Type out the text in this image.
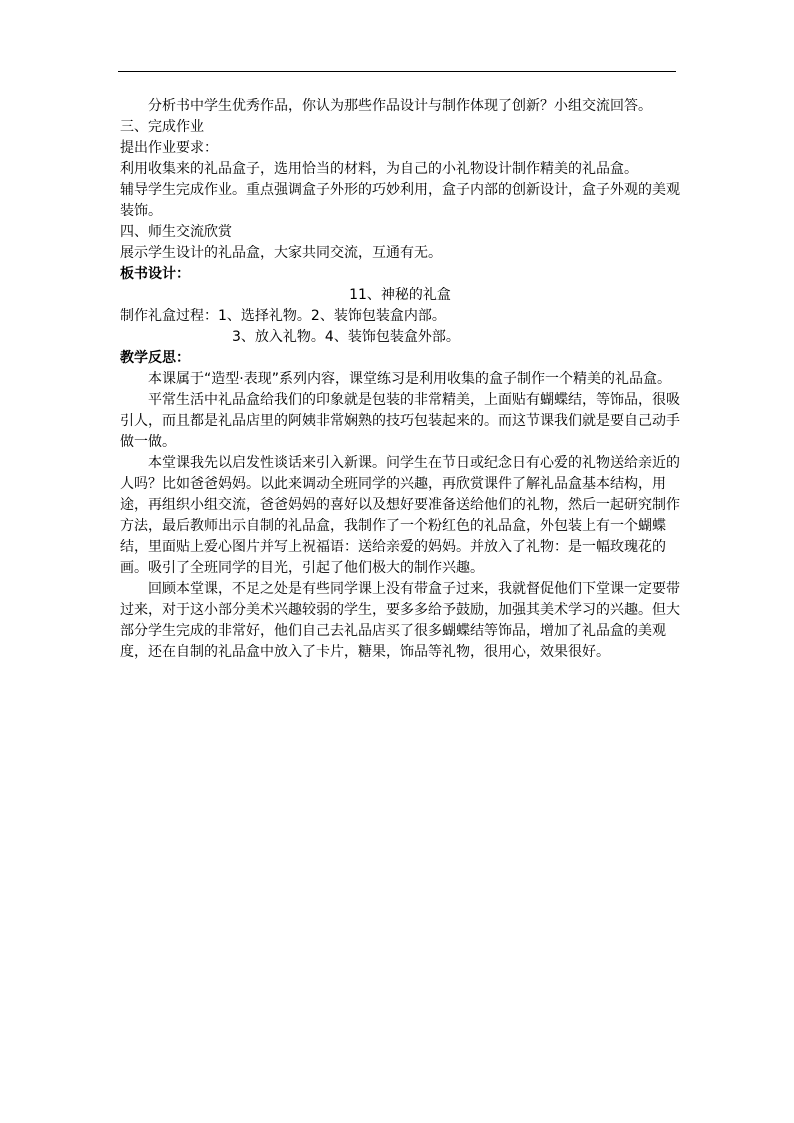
分析书中学生优秀作品，你认为那些作品设计与制作体现了创新？小组交流回答。

三、完成作业

提出作业要求：

利用收集来的礼品盒子，选用恰当的材料，为自己的小礼物设计制作精美的礼品盒。

辅导学生完成作业。重点强调盒子外形的巧妙利用，盒子内部的创新设计，盒子外观的美观装饰。

四、师生交流欣赏

展示学生设计的礼品盒，大家共同交流，互通有无。

板书设计：

11、神秘的礼盒

制作礼盒过程：1、选择礼物。2、装饰包装盒内部。

3、放入礼物。4、装饰包装盒外部。

教学反思：

本课属于“造型·表现”系列内容，课堂练习是利用收集的盒子制作一个精美的礼品盒。

平常生活中礼品盒给我们的印象就是包装的非常精美，上面贴有蝴蝶结，等饰品，很吸引人，而且都是礼品店里的阿姨非常娴熟的技巧包装起来的。而这节课我们就是要自己动手做一做。

本堂课我先以启发性谈话来引入新课。问学生在节日或纪念日有心爱的礼物送给亲近的人吗？比如爸爸妈妈。以此来调动全班同学的兴趣，再欣赏课件了解礼品盒基本结构，用途，再组织小组交流，爸爸妈妈的喜好以及想好要准备送给他们的礼物，然后一起研究制作方法，最后教师出示自制的礼品盒，我制作了一个粉红色的礼品盒，外包装上有一个蝴蝶结，里面贴上爱心图片并写上祝福语：送给亲爱的妈妈。并放入了礼物：是一幅玫瑰花的画。吸引了全班同学的目光，引起了他们极大的制作兴趣。

回顾本堂课，不足之处是有些同学课上没有带盒子过来，我就督促他们下堂课一定要带过来，对于这小部分美术兴趣较弱的学生，要多多给予鼓励，加强其美术学习的兴趣。但大部分学生完成的非常好，他们自己去礼品店买了很多蝴蝶结等饰品，增加了礼品盒的美观度，还在自制的礼品盒中放入了卡片，糖果，饰品等礼物，很用心，效果很好。
